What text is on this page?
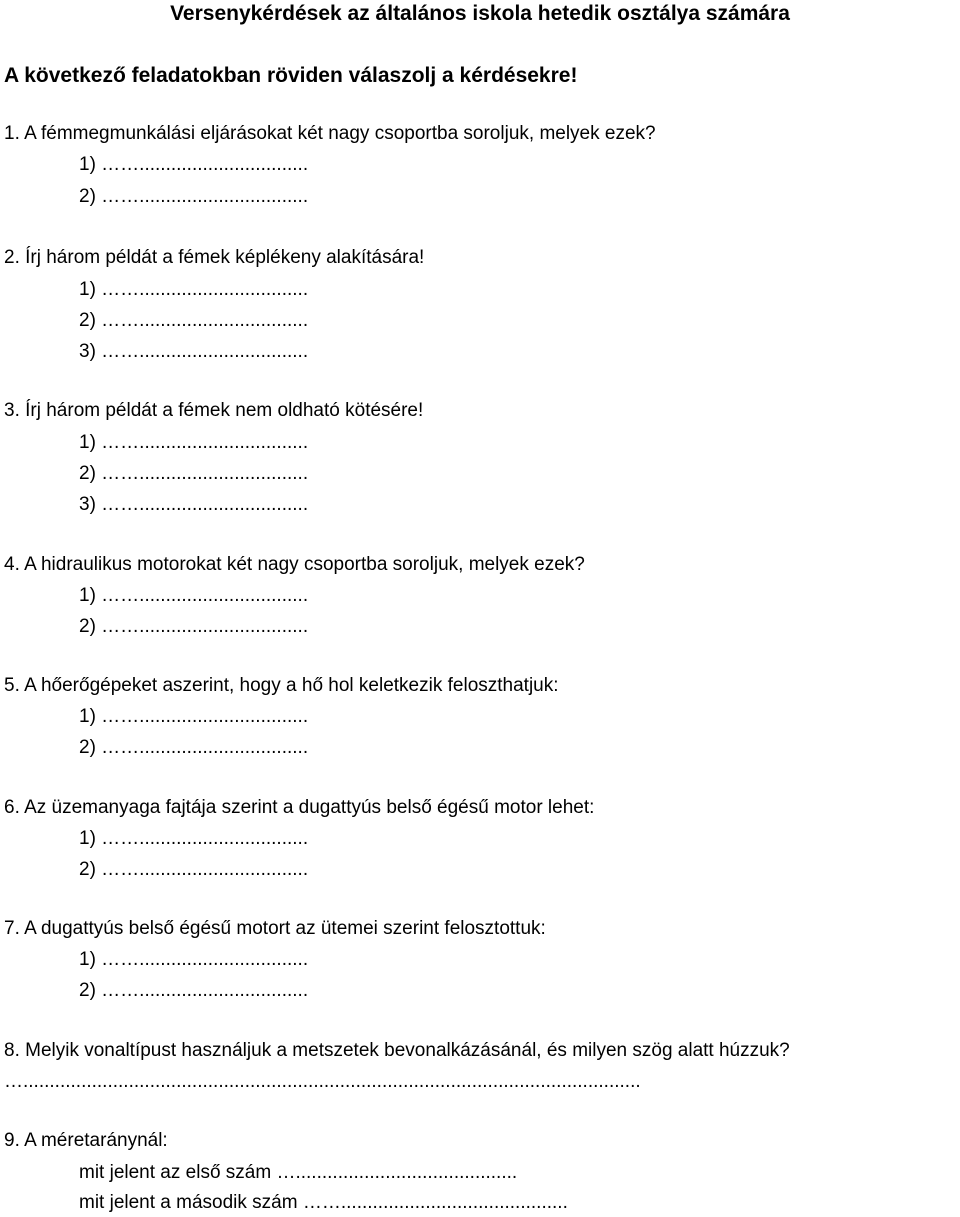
Versenykérdések az általános iskola hetedik osztálya számára
A következő feladatokban röviden válaszolj a kérdésekre!
1. A fémmegmunkálási eljárásokat két nagy csoportba soroljuk, melyek ezek?
1) ……................................
2) ……................................
2. Írj három példát a fémek képlékeny alakítására!
1) ……................................
2) ……................................
3) ……................................
3. Írj három példát a fémek nem oldható kötésére!
1) ……................................
2) ……................................
3) ……................................
4. A hidraulikus motorokat két nagy csoportba soroljuk, melyek ezek?
1) ……................................
2) ……................................
5. A hőerőgépeket aszerint, hogy a hő hol keletkezik feloszthatjuk:
1) ……................................
2) ……................................
6. Az üzemanyaga fajtája szerint a dugattyús belső égésű motor lehet:
1) ……................................
2) ……................................
7. A dugattyús belső égésű motort az ütemei szerint felosztottuk:
1) ……................................
2) ……................................
8. Melyik vonaltípust használjuk a metszetek bevonalkázásánál, és milyen szög alatt húzzuk?
….....................................................................................................................
9. A méretaránynál:
mit jelent az első szám …..........................................
mit jelent a második szám ……...........................................
